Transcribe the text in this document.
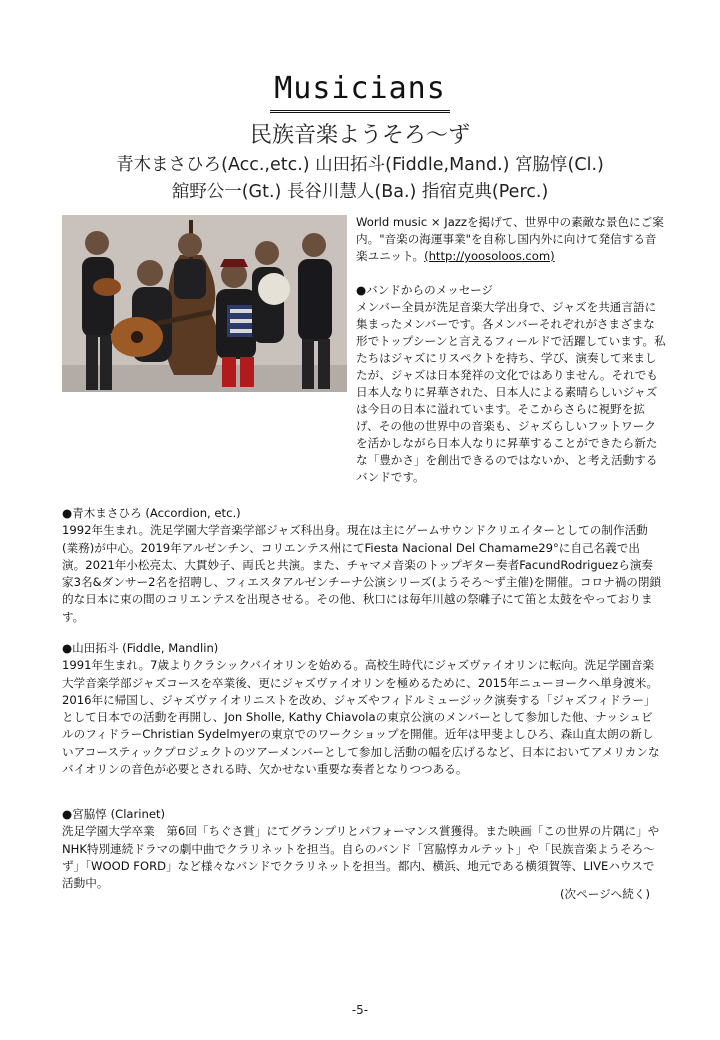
Musicians
民族音楽ようそろ～ず
青木まさひろ(Acc.,etc.) 山田拓斗(Fiddle,Mand.) 宮脇惇(Cl.)
舘野公一(Gt.) 長谷川慧人(Ba.) 指宿克典(Perc.)
World music × Jazzを掲げて、世界中の素敵な景色にご案内。"音楽の海運事業"を自称し国内外に向けて発信する音楽ユニット。(http://yoosoloos.com)
●バンドからのメッセージ
メンバー全員が洗足音楽大学出身で、ジャズを共通言語に集まったメンバーです。各メンバーそれぞれがさまざまな形でトップシーンと言えるフィールドで活躍しています。私たちはジャズにリスペクトを持ち、学び、演奏して来ましたが、ジャズは日本発祥の文化ではありません。それでも日本人なりに昇華された、日本人による素晴らしいジャズは今日の日本に溢れています。そこからさらに視野を拡げ、その他の世界中の音楽も、ジャズらしいフットワークを活かしながら日本人なりに昇華することができたら新たな「豊かさ」を創出できるのではないか、と考え活動するバンドです。
●青木まさひろ (Accordion, etc.)
1992年生まれ。洗足学園大学音楽学部ジャズ科出身。現在は主にゲームサウンドクリエイターとしての制作活動(業務)が中心。2019年アルゼンチン、コリエンテス州にてFiesta Nacional Del Chamame29°に自己名義で出演。2021年小松亮太、大貫妙子、両氏と共演。また、チャマメ音楽のトップギター奏者FacundRodriguezら演奏家3名&ダンサー2名を招聘し、フィエスタアルゼンチーナ公演シリーズ(ようそろ～ず主催)を開催。コロナ禍の閉鎖的な日本に束の間のコリエンテスを出現させる。その他、秋口には毎年川越の祭囃子にて笛と太鼓をやっております。
●山田拓斗 (Fiddle, Mandlin)
1991年生まれ。7歳よりクラシックバイオリンを始める。高校生時代にジャズヴァイオリンに転向。洗足学園音楽大学音楽学部ジャズコースを卒業後、更にジャズヴァイオリンを極めるために、2015年ニューヨークへ単身渡米。2016年に帰国し、ジャズヴァイオリニストを改め、ジャズやフィドルミュージック演奏する「ジャズフィドラー」として日本での活動を再開し、Jon Sholle, Kathy Chiavolaの東京公演のメンバーとして参加した他、ナッシュビルのフィドラーChristian Sydelmyerの東京でのワークショップを開催。近年は甲斐よしひろ、森山直太朗の新しいアコースティックプロジェクトのツアーメンバーとして参加し活動の幅を広げるなど、日本においてアメリカンなバイオリンの音色が必要とされる時、欠かせない重要な奏者となりつつある。
●宮脇惇 (Clarinet)
洗足学園大学卒業　第6回「ちぐさ賞」にてグランプリとパフォーマンス賞獲得。また映画「この世界の片隅に」やNHK特別連続ドラマの劇中曲でクラリネットを担当。自らのバンド「宮脇惇カルテット」や「民族音楽ようそろ～ず」「WOOD FORD」など様々なバンドでクラリネットを担当。都内、横浜、地元である横須賀等、LIVEハウスで活動中。
(次ページへ続く)
-5-
